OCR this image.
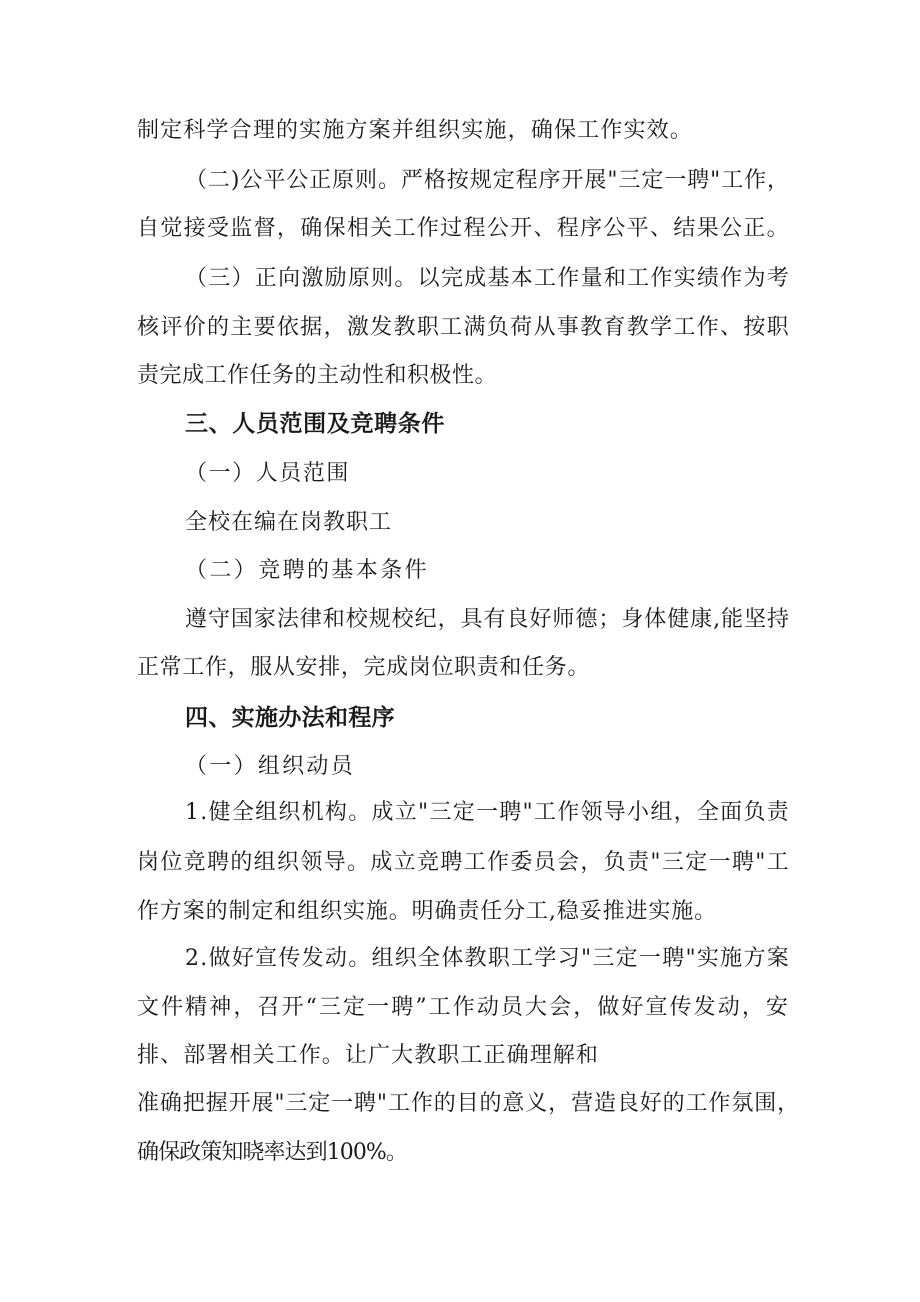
制定科学合理的实施方案并组织实施，确保工作实效。
（二)公平公正原则。严格按规定程序开展"三定一聘"工作，
自觉接受监督，确保相关工作过程公开、程序公平、结果公正。
（三）正向激励原则。以完成基本工作量和工作实绩作为考
核评价的主要依据，激发教职工满负荷从事教育教学工作、按职
责完成工作任务的主动性和积极性。
三、人员范围及竞聘条件
（一）人员范围
全校在编在岗教职工
（二）竞聘的基本条件
遵守国家法律和校规校纪，具有良好师德；身体健康,能坚持
正常工作，服从安排，完成岗位职责和任务。
四、实施办法和程序
（一）组织动员
1.健全组织机构。成立"三定一聘"工作领导小组，全面负责
岗位竞聘的组织领导。成立竞聘工作委员会，负责"三定一聘"工
作方案的制定和组织实施。明确责任分工,稳妥推进实施。
2.做好宣传发动。组织全体教职工学习"三定一聘"实施方案
文件精神，召开“三定一聘”工作动员大会，做好宣传发动，安
排、部署相关工作。让广大教职工正确理解和
准确把握开展"三定一聘"工作的目的意义，营造良好的工作氛围，
确保政策知晓率达到100%。
